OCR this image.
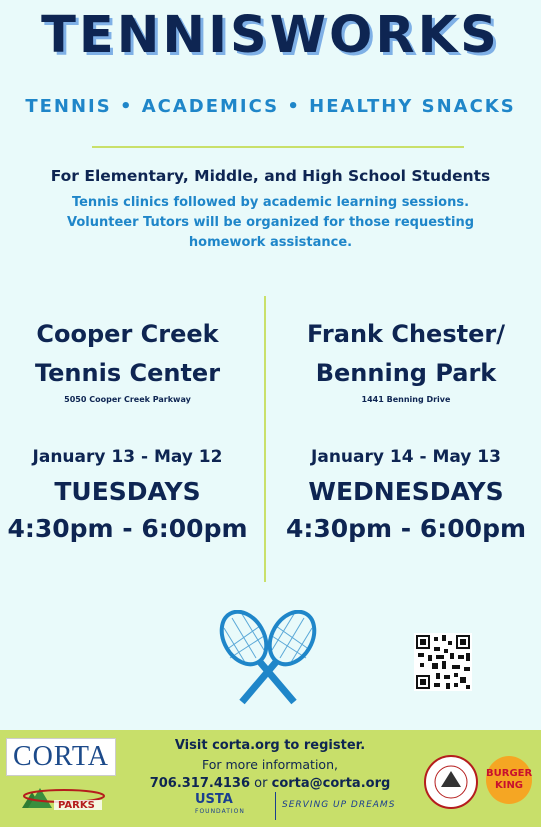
TENNISWORKS
TENNIS • ACADEMICS • HEALTHY SNACKS
For Elementary, Middle, and High School Students
Tennis clinics followed by academic learning sessions.
Volunteer Tutors will be organized for those requesting homework assistance.
Cooper Creek
Tennis Center
5050 Cooper Creek Parkway
January 13 - May 12
TUESDAYS
4:30pm - 6:00pm
Frank Chester/
Benning Park
1441 Benning Drive
January 14 - May 13
WEDNESDAYS
4:30pm - 6:00pm
CORTA
PARKS
Visit corta.org to register.
For more information,
706.317.4136 or corta@corta.org
USTA
FOUNDATION
SERVING UP DREAMS
BURGER KING
